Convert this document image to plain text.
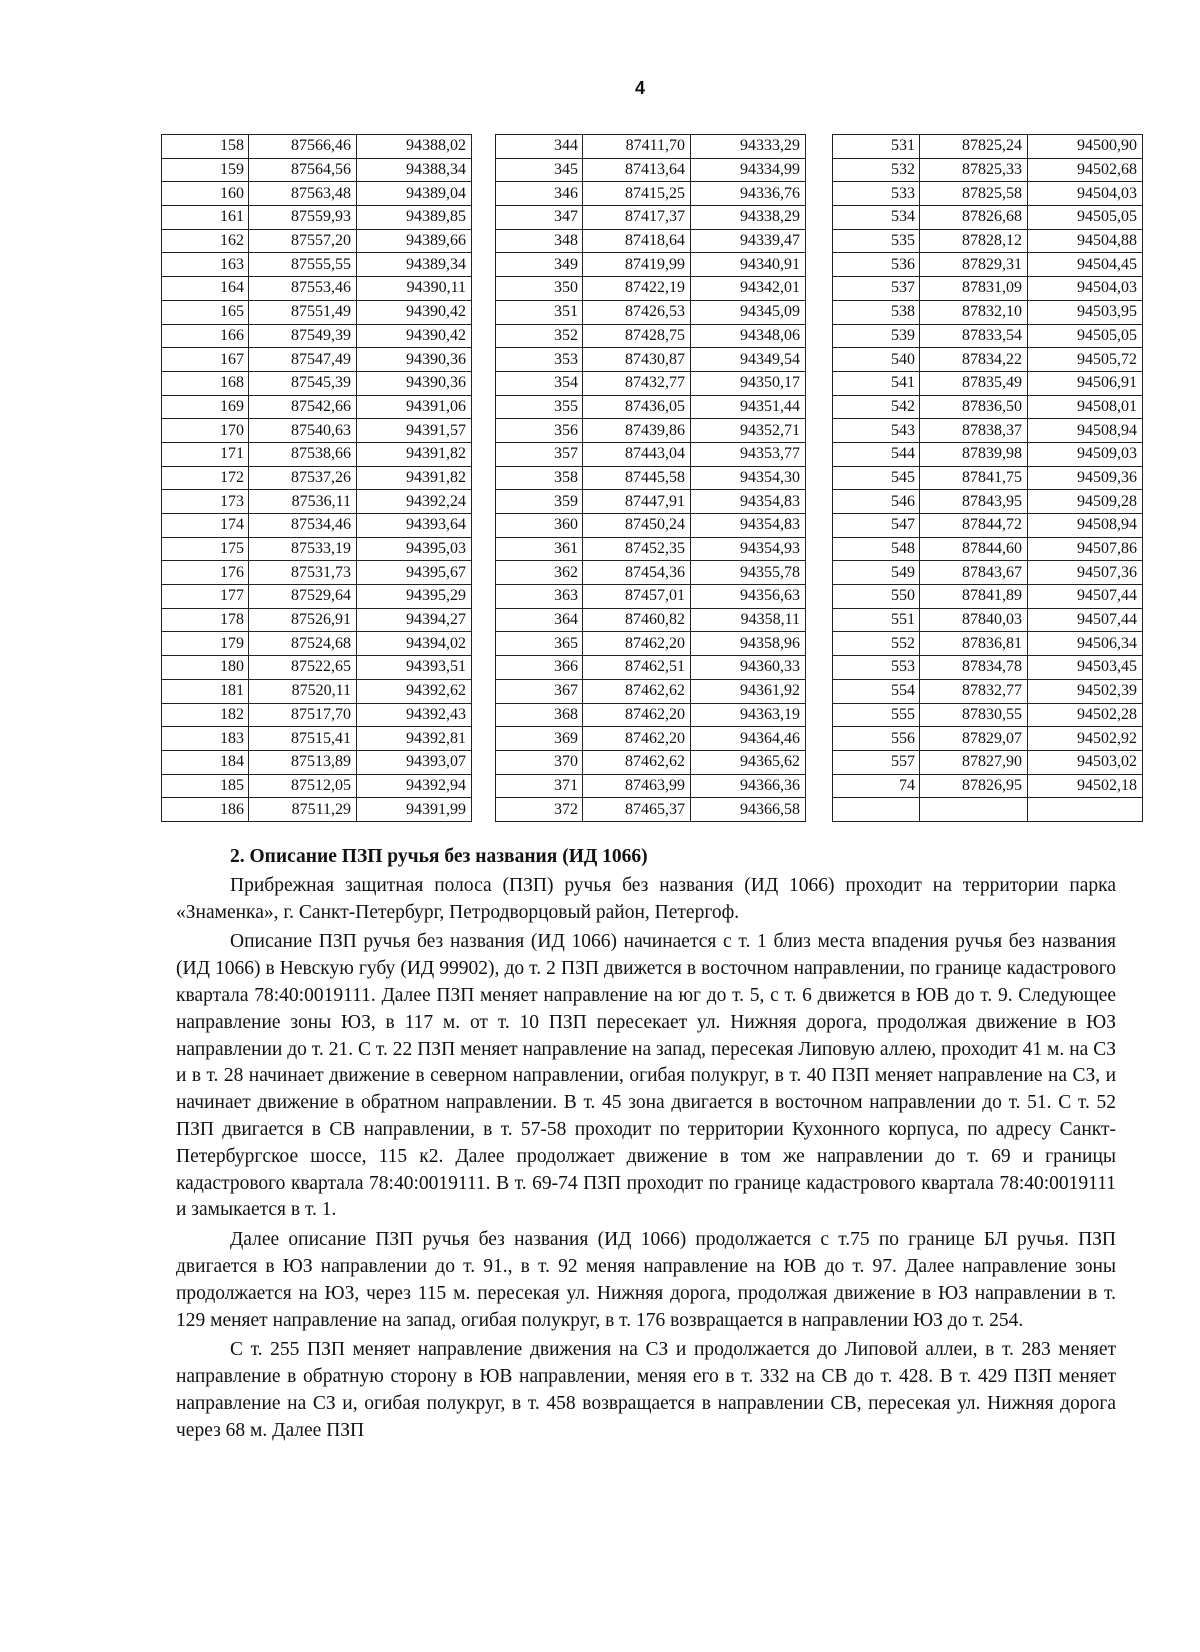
4
158	87566,46	94388,02
159	87564,56	94388,34
160	87563,48	94389,04
161	87559,93	94389,85
162	87557,20	94389,66
163	87555,55	94389,34
164	87553,46	94390,11
165	87551,49	94390,42
166	87549,39	94390,42
167	87547,49	94390,36
168	87545,39	94390,36
169	87542,66	94391,06
170	87540,63	94391,57
171	87538,66	94391,82
172	87537,26	94391,82
173	87536,11	94392,24
174	87534,46	94393,64
175	87533,19	94395,03
176	87531,73	94395,67
177	87529,64	94395,29
178	87526,91	94394,27
179	87524,68	94394,02
180	87522,65	94393,51
181	87520,11	94392,62
182	87517,70	94392,43
183	87515,41	94392,81
184	87513,89	94393,07
185	87512,05	94392,94
186	87511,29	94391,99
344	87411,70	94333,29
345	87413,64	94334,99
346	87415,25	94336,76
347	87417,37	94338,29
348	87418,64	94339,47
349	87419,99	94340,91
350	87422,19	94342,01
351	87426,53	94345,09
352	87428,75	94348,06
353	87430,87	94349,54
354	87432,77	94350,17
355	87436,05	94351,44
356	87439,86	94352,71
357	87443,04	94353,77
358	87445,58	94354,30
359	87447,91	94354,83
360	87450,24	94354,83
361	87452,35	94354,93
362	87454,36	94355,78
363	87457,01	94356,63
364	87460,82	94358,11
365	87462,20	94358,96
366	87462,51	94360,33
367	87462,62	94361,92
368	87462,20	94363,19
369	87462,20	94364,46
370	87462,62	94365,62
371	87463,99	94366,36
372	87465,37	94366,58
531	87825,24	94500,90
532	87825,33	94502,68
533	87825,58	94504,03
534	87826,68	94505,05
535	87828,12	94504,88
536	87829,31	94504,45
537	87831,09	94504,03
538	87832,10	94503,95
539	87833,54	94505,05
540	87834,22	94505,72
541	87835,49	94506,91
542	87836,50	94508,01
543	87838,37	94508,94
544	87839,98	94509,03
545	87841,75	94509,36
546	87843,95	94509,28
547	87844,72	94508,94
548	87844,60	94507,86
549	87843,67	94507,36
550	87841,89	94507,44
551	87840,03	94507,44
552	87836,81	94506,34
553	87834,78	94503,45
554	87832,77	94502,39
555	87830,55	94502,28
556	87829,07	94502,92
557	87827,90	94503,02
74	87826,95	94502,18

2. Описание ПЗП ручья без названия (ИД 1066)

Прибрежная защитная полоса (ПЗП) ручья без названия (ИД 1066) проходит на территории парка «Знаменка», г. Санкт-Петербург, Петродворцовый район, Петергоф.

Описание ПЗП ручья без названия (ИД 1066) начинается с т. 1 близ места впадения ручья без названия (ИД 1066) в Невскую губу (ИД 99902), до т. 2 ПЗП движется в восточном направлении, по границе кадастрового квартала 78:40:0019111. Далее ПЗП меняет направление на юг до т. 5, с т. 6 движется в ЮВ до т. 9. Следующее направление зоны ЮЗ, в 117 м. от т. 10 ПЗП пересекает ул. Нижняя дорога, продолжая движение в ЮЗ направлении до т. 21. С т. 22 ПЗП меняет направление на запад, пересекая Липовую аллею, проходит 41 м. на СЗ и в т. 28 начинает движение в северном направлении, огибая полукруг, в т. 40 ПЗП меняет направление на СЗ, и начинает движение в обратном направлении. В т. 45 зона двигается в восточном направлении до т. 51. С т. 52 ПЗП двигается в СВ направлении, в т. 57-58 проходит по территории Кухонного корпуса, по адресу Санкт-Петербургское шоссе, 115 к2. Далее продолжает движение в том же направлении до т. 69 и границы кадастрового квартала 78:40:0019111. В т. 69-74 ПЗП проходит по границе кадастрового квартала 78:40:0019111 и замыкается в т. 1.

Далее описание ПЗП ручья без названия (ИД 1066) продолжается с т.75 по границе БЛ ручья. ПЗП двигается в ЮЗ направлении до т. 91., в т. 92 меняя направление на ЮВ до т. 97. Далее направление зоны продолжается на ЮЗ, через 115 м. пересекая ул. Нижняя дорога, продолжая движение в ЮЗ направлении в т. 129 меняет направление на запад, огибая полукруг, в т. 176 возвращается в направлении ЮЗ до т. 254.

С т. 255 ПЗП меняет направление движения на СЗ и продолжается до Липовой аллеи, в т. 283 меняет направление в обратную сторону в ЮВ направлении, меняя его в т. 332 на СВ до т. 428. В т. 429 ПЗП меняет направление на СЗ и, огибая полукруг, в т. 458 возвращается в направлении СВ, пересекая ул. Нижняя дорога через 68 м. Далее ПЗП
